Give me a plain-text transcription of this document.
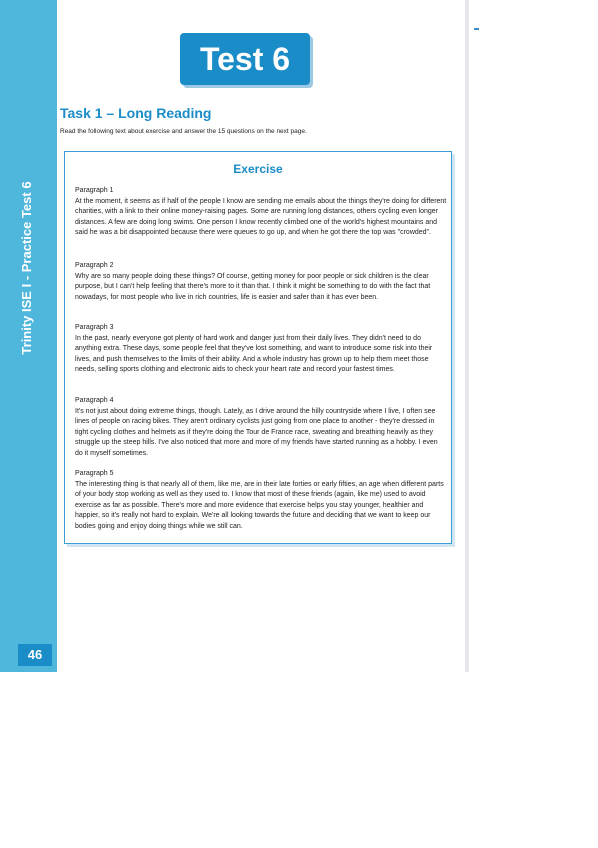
Trinity ISE I - Practice Test 6
46
Test 6
Task 1 – Long Reading
Read the following text about exercise and answer the 15 questions on the next page.
Exercise
Paragraph 1
At the moment, it seems as if half of the people I know are sending me emails about the things they're doing for different charities, with a link to their online money-raising pages. Some are running long distances, others cycling even longer distances. A few are doing long swims. One person I know recently climbed one of the world's highest mountains and said he was a bit disappointed because there were queues to go up, and when he got there the top was "crowded".
Paragraph 2
Why are so many people doing these things? Of course, getting money for poor people or sick children is the clear purpose, but I can't help feeling that there's more to it than that. I think it might be something to do with the fact that nowadays, for most people who live in rich countries, life is easier and safer than it has ever been.
Paragraph 3
In the past, nearly everyone got plenty of hard work and danger just from their daily lives. They didn't need to do anything extra. These days, some people feel that they've lost something, and want to introduce some risk into their lives, and push themselves to the limits of their ability. And a whole industry has grown up to help them meet those needs, selling sports clothing and electronic aids to check your heart rate and record your fastest times.
Paragraph 4
It's not just about doing extreme things, though. Lately, as I drive around the hilly countryside where I live, I often see lines of people on racing bikes. They aren't ordinary cyclists just going from one place to another - they're dressed in tight cycling clothes and helmets as if they're doing the Tour de France race, sweating and breathing heavily as they struggle up the steep hills. I've also noticed that more and more of my friends have started running as a hobby. I even do it myself sometimes.
Paragraph 5
The interesting thing is that nearly all of them, like me, are in their late forties or early fifties, an age when different parts of your body stop working as well as they used to. I know that most of these friends (again, like me) used to avoid exercise as far as possible. There's more and more evidence that exercise helps you stay younger, healthier and happier, so it's really not hard to explain. We're all looking towards the future and deciding that we want to keep our bodies going and enjoy doing things while we still can.
